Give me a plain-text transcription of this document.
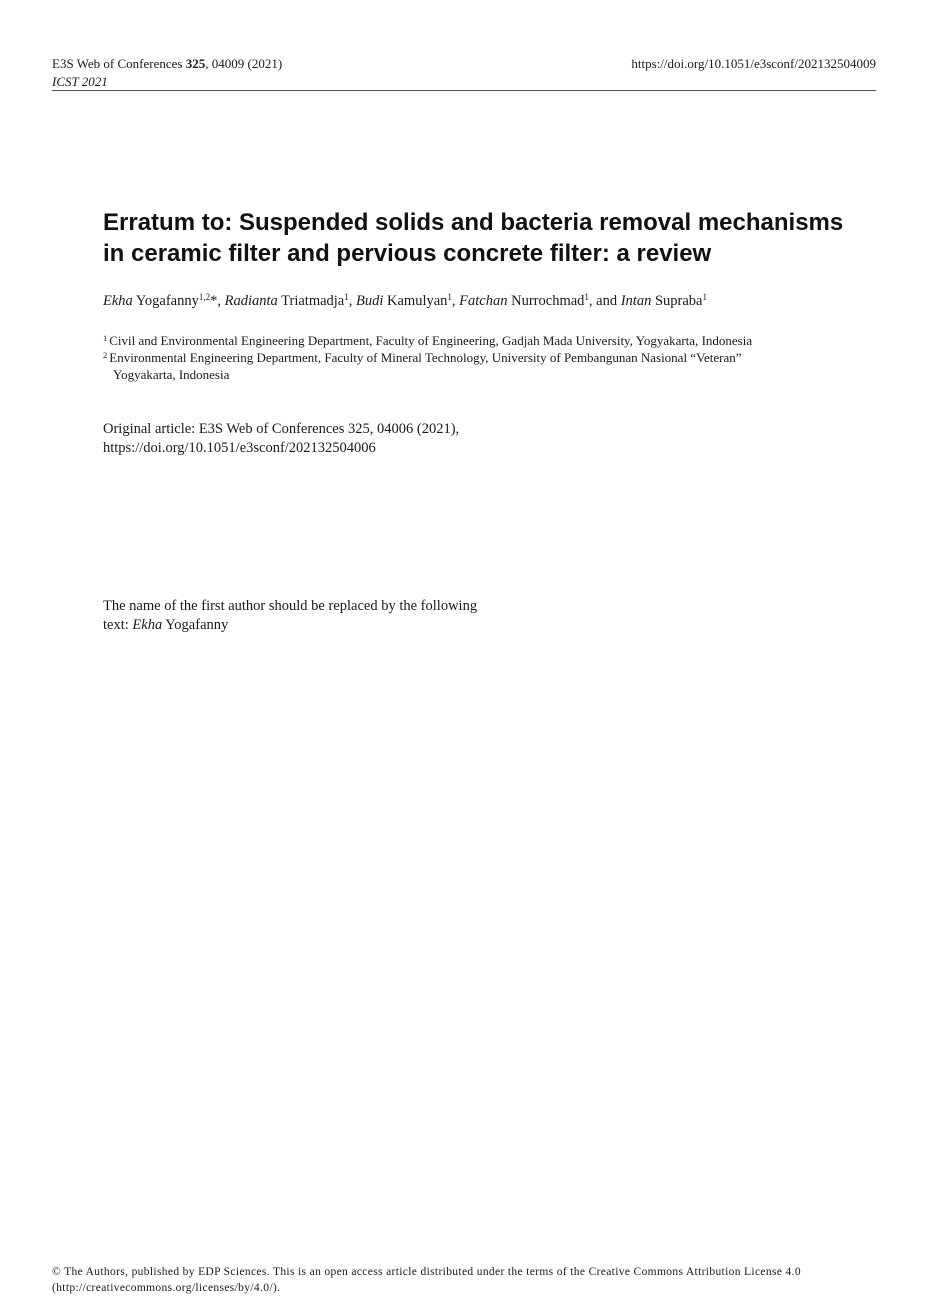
E3S Web of Conferences 325, 04009 (2021)	https://doi.org/10.1051/e3sconf/202132504009
ICST 2021
Erratum to: Suspended solids and bacteria removal mechanisms
in ceramic filter and pervious concrete filter: a review
Ekha Yogafanny$^{1,2}$*, Radianta Triatmadja$^1$, Budi Kamulyan$^1$, Fatchan Nurrochmad$^1$, and Intan Supraba$^1$
$^1$ Civil and Environmental Engineering Department, Faculty of Engineering, Gadjah Mada University, Yogyakarta, Indonesia
$^2$ Environmental Engineering Department, Faculty of Mineral Technology, University of Pembangunan Nasional “Veteran”
Yogyakarta, Indonesia
Original article: E3S Web of Conferences 325, 04006 (2021),
https://doi.org/10.1051/e3sconf/202132504006
The name of the first author should be replaced by the following
text: Ekha Yogafanny
© The Authors, published by EDP Sciences. This is an open access article distributed under the terms of the Creative Commons Attribution License 4.0
(http://creativecommons.org/licenses/by/4.0/).
